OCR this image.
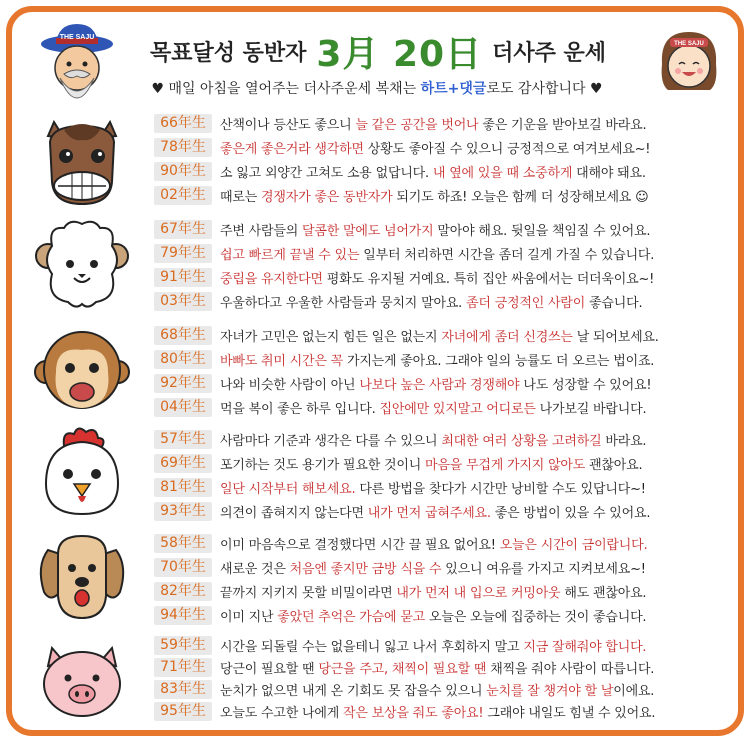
THE SAJU
목표달성 동반자 3月 20日 더사주 운세	THE SAJU
♥ 매일 아침을 열어주는 더사주운세 복채는 하트+댓글로도 감사합니다 ♥
66年生	산책이나 등산도 좋으니 늘 같은 공간을 벗어나 좋은 기운을 받아보길 바라요.
78年生	좋은게 좋은거라 생각하면 상황도 좋아질 수 있으니 긍정적으로 여겨보세요~!
90年生	소 잃고 외양간 고쳐도 소용 없답니다. 내 옆에 있을 때 소중하게 대해야 돼요.
02年生	때로는 경쟁자가 좋은 동반자가 되기도 하죠! 오늘은 함께 더 성장해보세요 ☺
67年生	주변 사람들의 달콤한 말에도 넘어가지 말아야 해요. 뒷일을 책임질 수 있어요.
79年生	쉽고 빠르게 끝낼 수 있는 일부터 처리하면 시간을 좀더 길게 가질 수 있습니다.
91年生	중립을 유지한다면 평화도 유지될 거예요. 특히 집안 싸움에서는 더더욱이요~!
03年生	우울하다고 우울한 사람들과 뭉치지 말아요. 좀더 긍정적인 사람이 좋습니다.
68年生	자녀가 고민은 없는지 힘든 일은 없는지 자녀에게 좀더 신경쓰는 날 되어보세요.
80年生	바빠도 취미 시간은 꼭 가지는게 좋아요. 그래야 일의 능률도 더 오르는 법이죠.
92年生	나와 비슷한 사람이 아닌 나보다 높은 사람과 경쟁해야 나도 성장할 수 있어요!
04年生	먹을 복이 좋은 하루 입니다. 집안에만 있지말고 어디로든 나가보길 바랍니다.
57年生	사람마다 기준과 생각은 다를 수 있으니 최대한 여러 상황을 고려하길 바라요.
69年生	포기하는 것도 용기가 필요한 것이니 마음을 무겁게 가지지 않아도 괜찮아요.
81年生	일단 시작부터 해보세요. 다른 방법을 찾다가 시간만 낭비할 수도 있답니다~!
93年生	의견이 좁혀지지 않는다면 내가 먼저 굽혀주세요. 좋은 방법이 있을 수 있어요.
58年生	이미 마음속으로 결정했다면 시간 끌 필요 없어요! 오늘은 시간이 금이랍니다.
70年生	새로운 것은 처음엔 좋지만 금방 식을 수 있으니 여유를 가지고 지켜보세요~!
82年生	끝까지 지키지 못할 비밀이라면 내가 먼저 내 입으로 커밍아웃 해도 괜찮아요.
94年生	이미 지난 좋았던 추억은 가슴에 묻고 오늘은 오늘에 집중하는 것이 좋습니다.
59年生	시간을 되돌릴 수는 없을테니 잃고 나서 후회하지 말고 지금 잘해줘야 합니다.
71年生	당근이 필요할 땐 당근을 주고, 채찍이 필요할 땐 채찍을 줘야 사람이 따릅니다.
83年生	눈치가 없으면 내게 온 기회도 못 잡을수 있으니 눈치를 잘 챙겨야 할 날이에요.
95年生	오늘도 수고한 나에게 작은 보상을 줘도 좋아요! 그래야 내일도 힘낼 수 있어요.
